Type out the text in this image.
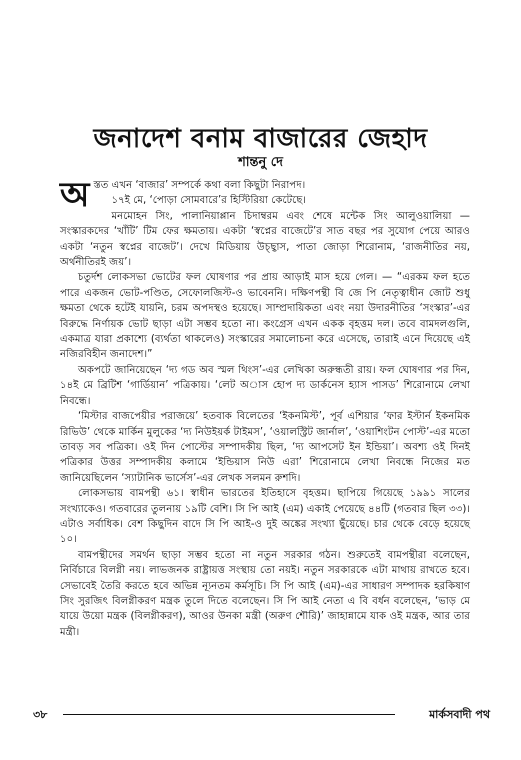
জনাদেশ বনাম বাজারের জেহাদ
শান্তনু দে

অস্তত এখন ‘বাজার’ সম্পর্কে কথা বলা কিছুটা নিরাপদ।

১৭ই মে, ‘পোড়া সোমবারে’র হিস্টিরিয়া কেটেছে।

মনমোহন সিং, পালানিয়াপ্পান চিদাম্বরম এবং শেষে মন্টেক সিং আলুওয়ালিয়া — সংস্কারকদের ‘খাঁটি’ টিম ফের ক্ষমতায়। একটা ‘স্বপ্নের বাজেটে’র সাত বছর পর সুযোগ পেয়ে আরও একটা ‘নতুন স্বপ্নের বাজেট’। দেখে মিডিয়ায় উচ্ছ্বাস, পাতা জোড়া শিরোনাম, ‘রাজনীতির নয়, অর্থনীতিরই জয়’।

চতুর্দশ লোকসভা ভোটের ফল ঘোষণার পর প্রায় আড়াই মাস হয়ে গেল। — “এরকম ফল হতে পারে একজন ভোট-পণ্ডিত, সেফোলজিস্ট-ও ভাবেননি। দক্ষিণপন্থী বি জে পি নেতৃত্বাধীন জোট শুধু ক্ষমতা থেকে হটেই যায়নি, চরম অপদস্থও হয়েছে। সাম্প্রদায়িকতা এবং নয়া উদারনীতির ‘সংস্কার’-এর বিরুদ্ধে নির্ণায়ক ভোট ছাড়া এটা সম্ভব হতো না। কংগ্রেস এখন একক বৃহত্তম দল। তবে বামদলগুলি, একমাত্র যারা প্রকাশ্যে (ব্যর্থতা থাকলেও) সংস্কারের সমালোচনা করে এসেছে, তারাই এনে দিয়েছে এই নজিরবিহীন জনাদেশ।”

অকপটে জানিয়েছেন ‘দ্য গড অব স্মল থিংস’-এর লেখিকা অরুন্ধতী রায়। ফল ঘোষণার পর দিন, ১৪ই মে ব্রিটিশ ‘গার্ডিয়ান’ পত্রিকায়। ‘লেট অাস হোপ দ্য ডার্কনেস হ্যাস পাসড’ শিরোনামে লেখা নিবন্ধে।

‘মিস্টার বাজপেয়ীর পরাজয়ে’ হতবাক বিলেতের ‘ইকনমিস্ট’, পূর্ব এশিয়ার ‘ফার ইস্টার্ন ইকনমিক রিভিউ’ থেকে মার্কিন মুলুকের ‘দ্য নিউইয়র্ক টাইমস’, ‘ওয়ালস্ট্রিট জার্নাল’, ‘ওয়াশিংটন পোস্ট’-এর মতো তাবড় সব পত্রিকা। ওই দিন পোস্টের সম্পাদকীয় ছিল, ‘দ্য আপসেট ইন ইন্ডিয়া’। অবশ্য ওই দিনই পত্রিকার উত্তর সম্পাদকীয় কলামে ‘ইন্ডিয়াস নিউ এরা’ শিরোনামে লেখা নিবন্ধে নিজের মত জানিয়েছিলেন ‘স্যাটানিক ভার্সেস’-এর লেখক সলমন রুশদি।

লোকসভায় বামপন্থী ৬১। স্বাধীন ভারতের ইতিহাসে বৃহত্তম। ছাপিয়ে গিয়েছে ১৯৯১ সালের সংখ্যাকেও। গতবারের তুলনায় ১৯টি বেশি। সি পি আই (এম) একাই পেয়েছে ৪৪টি (গতবার ছিল ৩৩)। এটাও সর্বাধিক। বেশ কিছুদিন বাদে সি পি আই-ও দুই অঙ্কের সংখ্যা ছুঁয়েছে। চার থেকে বেড়ে হয়েছে ১০।

বামপন্থীদের সমর্থন ছাড়া সম্ভব হতো না নতুন সরকার গঠন। শুরুতেই বামপন্থীরা বলেছেন, নির্বিচারে বিলগ্নী নয়। লাভজনক রাষ্ট্রায়ত্ত সংস্থায় তো নয়ই। নতুন সরকারকে এটা মাথায় রাখতে হবে। সেভাবেই তৈরি করতে হবে অভিন্ন ন্যূনতম কর্মসূচি। সি পি আই (এম)-এর সাধারণ সম্পাদক হরকিষাণ সিং সুরজিৎ বিলগ্নীকরণ মন্ত্রক তুলে দিতে বলেছেন। সি পি আই নেতা এ বি বর্ধন বলেছেন, ‘ভাড় মে যায়ে উয়ো মন্ত্রক (বিলগ্নীকরণ), আওর উনকা মন্ত্রী (অরুণ শৌরি)’ জাহান্নামে যাক ওই মন্ত্রক, আর তার মন্ত্রী।

৩৮	মার্কসবাদী পথ
